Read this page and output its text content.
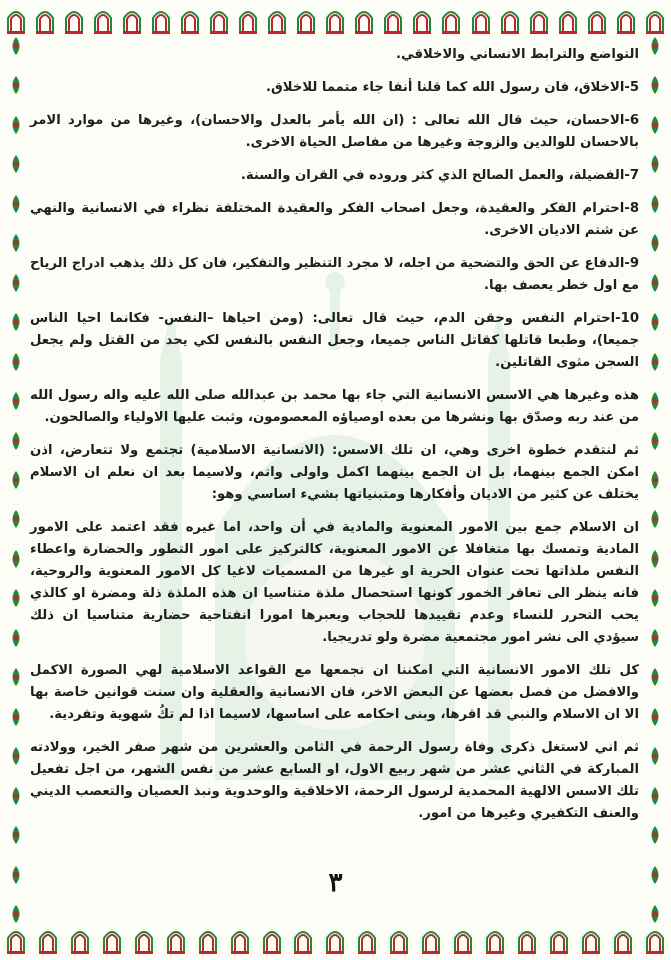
التواضع والترابط الانساني والاخلاقي.

5-الاخلاق، فان رسول الله كما قلنا أنفا جاء متمما للاخلاق.

6-الاحسان، حيث قال الله تعالى : (ان الله يأمر بالعدل والاحسان)، وغيرها من موارد الامر بالاحسان للوالدين والزوجة وغيرها من مفاصل الحياة الاخرى.

7-الفضيلة، والعمل الصالح الذي كثر وروده في القران والسنة.

8-احترام الفكر والعقيدة، وجعل اصحاب الفكر والعقيدة المختلفة نظراء في الانسانية والنهي عن شتم الاديان الاخرى.

9-الدفاع عن الحق والتضحية من اجله، لا مجرد التنظير والتفكير، فان كل ذلك يذهب ادراج الرياح مع اول خطر يعصف بها.

10-احترام النفس وحقن الدم، حيث قال تعالى: (ومن احياها –النفس- فكانما احيا الناس جميعا)، وطبعا قاتلها كقاتل الناس جميعا، وجعل النفس بالنفس لكي يحد من القتل ولم يجعل السجن مثوى القاتلين.

هذه وغيرها هي الاسس الانسانية التي جاء بها محمد بن عبدالله صلى الله عليه واله رسول الله من عند ربه وصدّق بها ونشرها من بعده اوصياؤه المعصومون، وثبت عليها الاولياء والصالحون.

ثم لنتقدم خطوة اخرى وهي، ان تلك الاسس: (الانسانية الاسلامية) تجتمع ولا تتعارض، اذن امكن الجمع بينهما، بل ان الجمع بينهما اكمل واولى واتم، ولاسيما بعد ان نعلم ان الاسلام يختلف عن كثير من الاديان وأفكارها ومتبنياتها بشيء اساسي وهو:

ان الاسلام جمع بين الامور المعنوية والمادية في أن واحد، اما غيره فقد اعتمد على الامور المادية وتمسك بها متغافلا عن الامور المعنوية، كالتركيز على امور التطور والحضارة واعطاء النفس ملذاتها تحت عنوان الحرية او غيرها من المسميات لاغيا كل الامور المعنوية والروحية، فانه ينظر الى تعاقر الخمور كونها استحصال ملذة متناسيا ان هذه الملذة ذلة ومضرة او كالذي يحب التحرر للنساء وعدم تقييدها للحجاب ويعبرها امورا انفتاحية حضارية متناسيا ان ذلك سيؤدي الى نشر امور مجتمعية مضرة ولو تدريجيا.

كل تلك الامور الانسانية التي امكننا ان نجمعها مع القواعد الاسلامية لهي الصورة الاكمل والافضل من فصل بعضها عن البعض الاخر، فان الانسانية والعقلية وان سنت قوانين خاصة بها الا ان الاسلام والنبي قد اقرها، وبنى احكامه على اساسها، لاسيما اذا لم تكُ شهوية وتفردية.

ثم اني لاستغل ذكرى وفاة رسول الرحمة في الثامن والعشرين من شهر صفر الخير، وولادته المباركة في الثاني عشر من شهر ربيع الاول، او السابع عشر من نفس الشهر، من اجل تفعيل تلك الاسس الالهية المحمدية لرسول الرحمة، الاخلاقية والوحدوية ونبذ العصيان والتعصب الديني والعنف التكفيري وغيرها من امور.

٣
